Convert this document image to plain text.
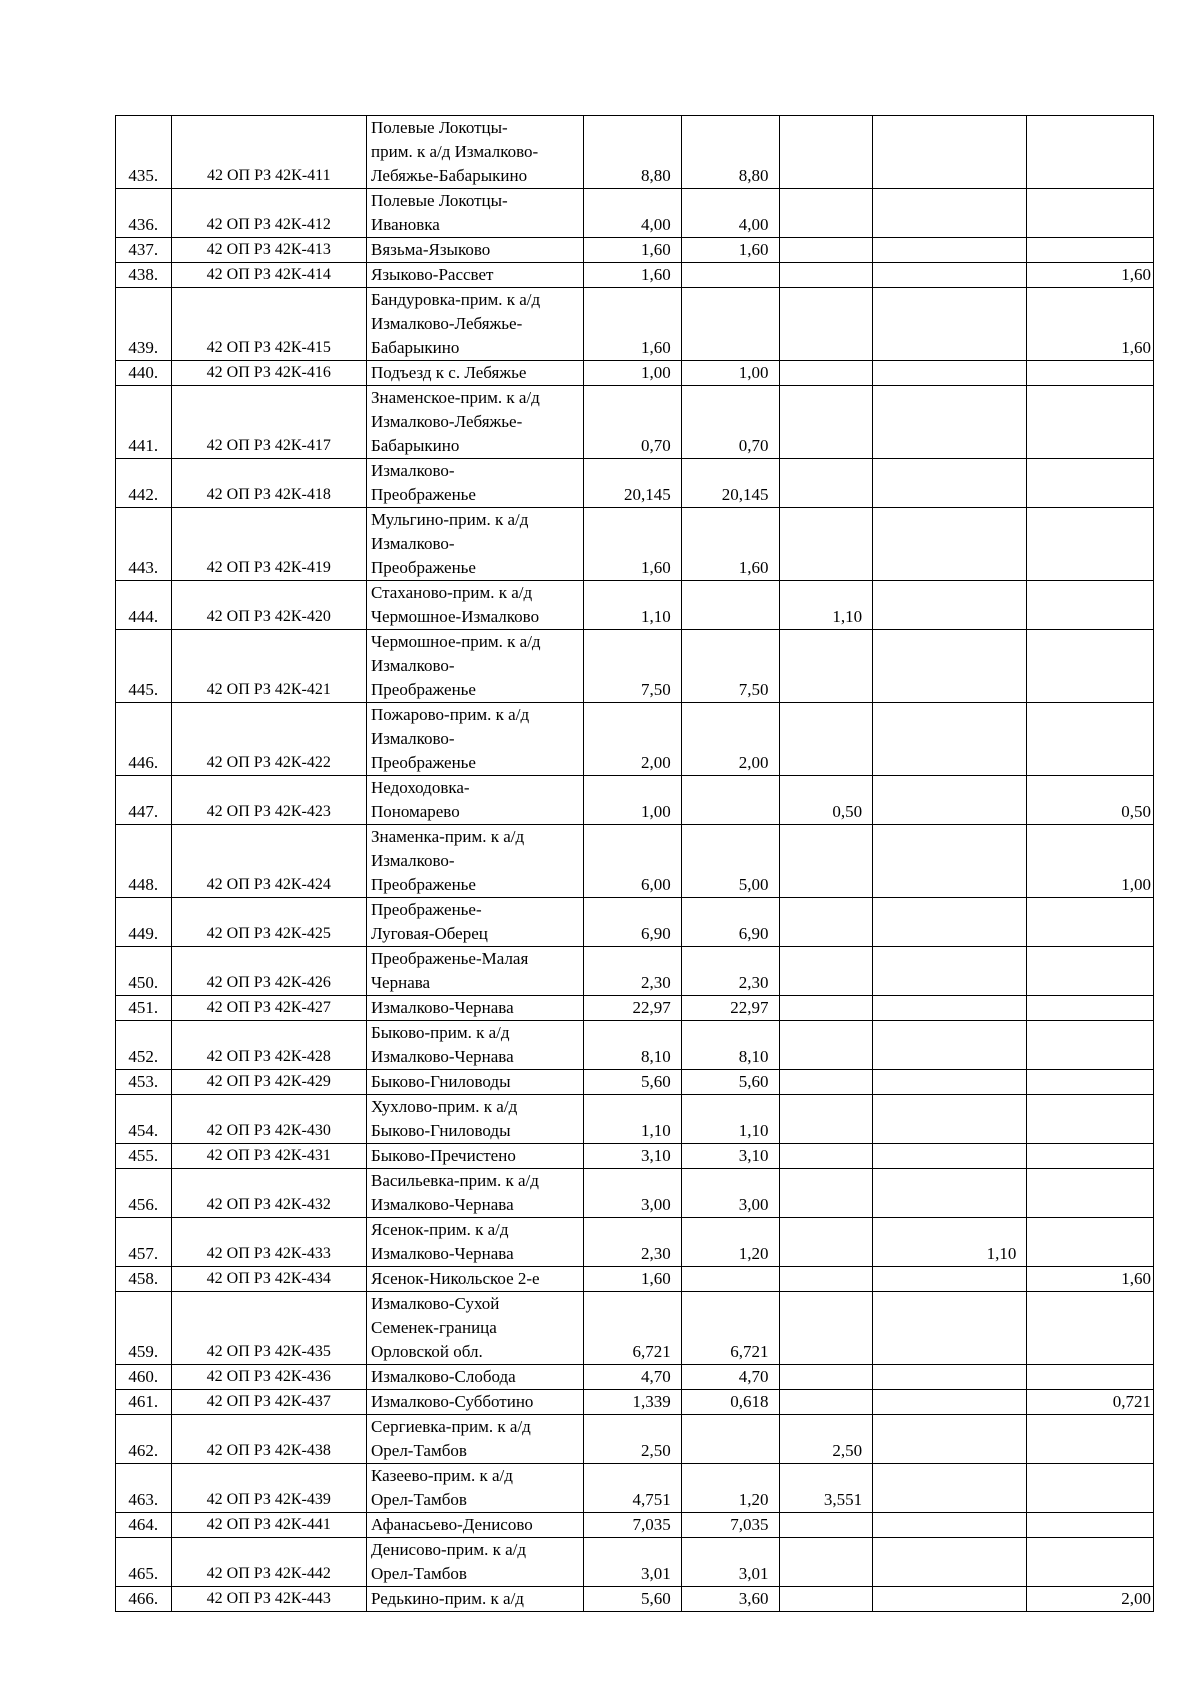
435.	42 ОП РЗ 42К-411	Полевые Локотцы-
прим. к а/д Измалково-
Лебяжье-Бабарыкино	8,80	8,80			
436.	42 ОП РЗ 42К-412	Полевые Локотцы-
Ивановка	4,00	4,00			
437.	42 ОП РЗ 42К-413	Вязьма-Языково	1,60	1,60			
438.	42 ОП РЗ 42К-414	Языково-Рассвет	1,60				1,60
439.	42 ОП РЗ 42К-415	Бандуровка-прим. к а/д
Измалково-Лебяжье-
Бабарыкино	1,60				1,60
440.	42 ОП РЗ 42К-416	Подъезд к с. Лебяжье	1,00	1,00			
441.	42 ОП РЗ 42К-417	Знаменское-прим. к а/д
Измалково-Лебяжье-
Бабарыкино	0,70	0,70			
442.	42 ОП РЗ 42К-418	Измалково-
Преображенье	20,145	20,145			
443.	42 ОП РЗ 42К-419	Мульгино-прим. к а/д
Измалково-
Преображенье	1,60	1,60			
444.	42 ОП РЗ 42К-420	Стаханово-прим. к а/д
Чермошное-Измалково	1,10		1,10		
445.	42 ОП РЗ 42К-421	Чермошное-прим. к а/д
Измалково-
Преображенье	7,50	7,50			
446.	42 ОП РЗ 42К-422	Пожарово-прим. к а/д
Измалково-
Преображенье	2,00	2,00			
447.	42 ОП РЗ 42К-423	Недоходовка-
Пономарево	1,00		0,50		0,50
448.	42 ОП РЗ 42К-424	Знаменка-прим. к а/д
Измалково-
Преображенье	6,00	5,00			1,00
449.	42 ОП РЗ 42К-425	Преображенье-
Луговая-Оберец	6,90	6,90			
450.	42 ОП РЗ 42К-426	Преображенье-Малая
Чернава	2,30	2,30			
451.	42 ОП РЗ 42К-427	Измалково-Чернава	22,97	22,97			
452.	42 ОП РЗ 42К-428	Быково-прим. к а/д
Измалково-Чернава	8,10	8,10			
453.	42 ОП РЗ 42К-429	Быково-Гниловоды	5,60	5,60			
454.	42 ОП РЗ 42К-430	Хухлово-прим. к а/д
Быково-Гниловоды	1,10	1,10			
455.	42 ОП РЗ 42К-431	Быково-Пречистено	3,10	3,10			
456.	42 ОП РЗ 42К-432	Васильевка-прим. к а/д
Измалково-Чернава	3,00	3,00			
457.	42 ОП РЗ 42К-433	Ясенок-прим. к а/д
Измалково-Чернава	2,30	1,20		1,10	
458.	42 ОП РЗ 42К-434	Ясенок-Никольское 2-е	1,60				1,60
459.	42 ОП РЗ 42К-435	Измалково-Сухой
Семенек-граница
Орловской обл.	6,721	6,721			
460.	42 ОП РЗ 42К-436	Измалково-Слобода	4,70	4,70			
461.	42 ОП РЗ 42К-437	Измалково-Субботино	1,339	0,618			0,721
462.	42 ОП РЗ 42К-438	Сергиевка-прим. к а/д
Орел-Тамбов	2,50		2,50		
463.	42 ОП РЗ 42К-439	Казеево-прим. к а/д
Орел-Тамбов	4,751	1,20	3,551		
464.	42 ОП РЗ 42К-441	Афанасьево-Денисово	7,035	7,035			
465.	42 ОП РЗ 42К-442	Денисово-прим. к а/д
Орел-Тамбов	3,01	3,01			
466.	42 ОП РЗ 42К-443	Редькино-прим. к а/д	5,60	3,60			2,00
